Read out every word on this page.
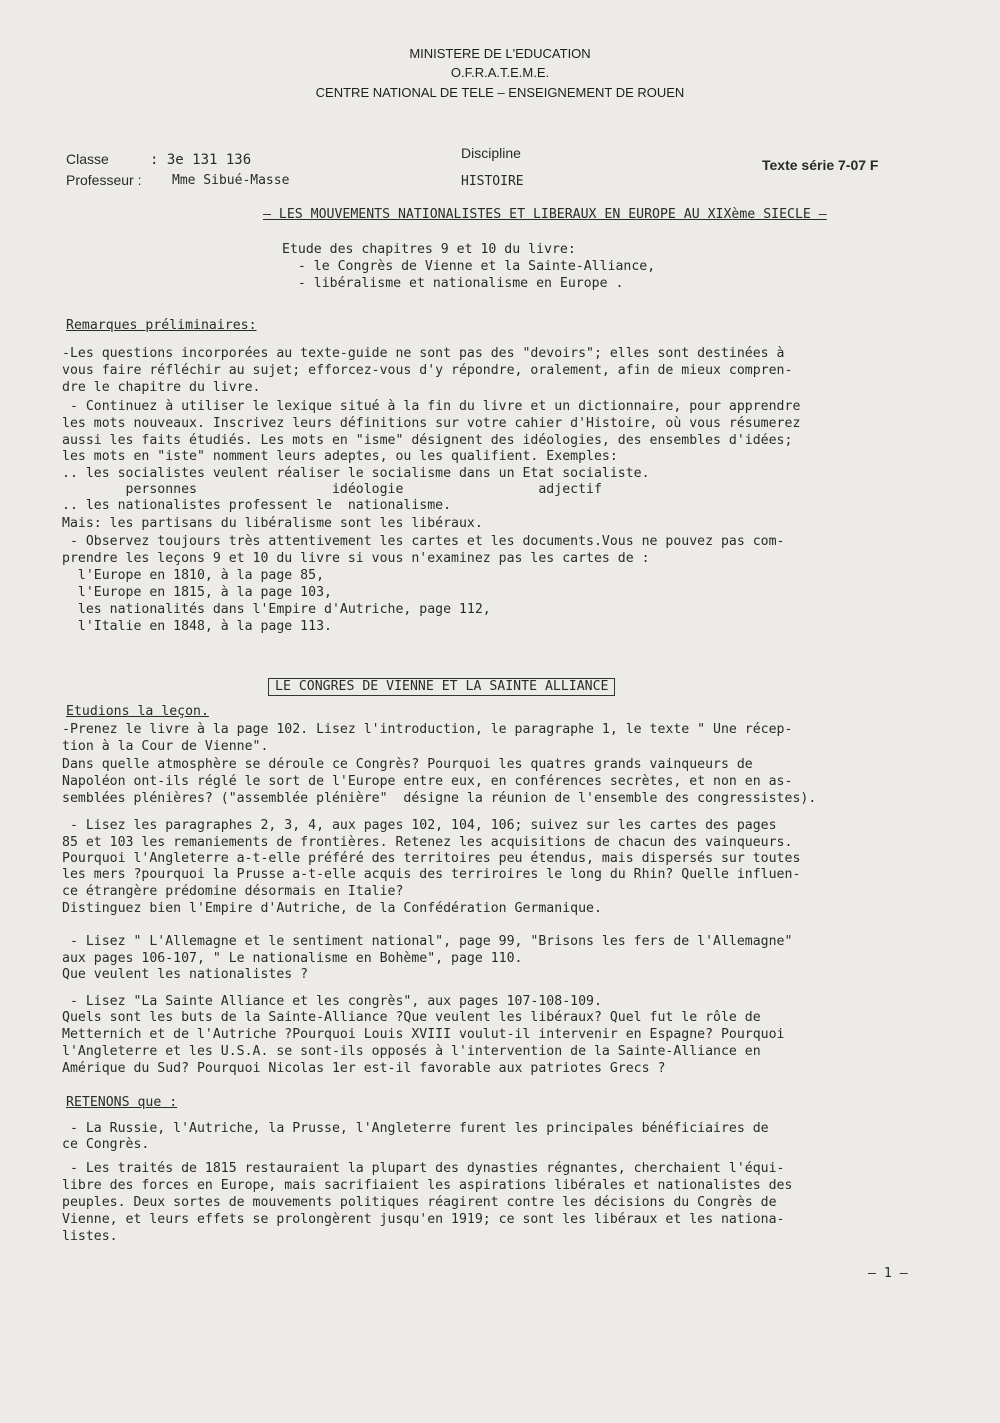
MINISTERE DE L'EDUCATION
O.F.R.A.T.E.M.E.
CENTRE NATIONAL DE TELE – ENSEIGNEMENT DE ROUEN
Classe	: 3e 131 136
Professeur : Mme Sibué-Masse
Discipline
HISTOIRE
Texte série 7-07 F
– LES MOUVEMENTS NATIONALISTES ET LIBERAUX EN EUROPE AU XIXème SIECLE –
Etude des chapitres 9 et 10 du livre:
- le Congrès de Vienne et la Sainte-Alliance,
- libéralisme et nationalisme en Europe .
Remarques préliminaires:
-Les questions incorporées au texte-guide ne sont pas des "devoirs"; elles sont destinées à
vous faire réfléchir au sujet; efforcez-vous d'y répondre, oralement, afin de mieux compren-
dre le chapitre du livre.
- Continuez à utiliser le lexique situé à la fin du livre et un dictionnaire, pour apprendre
les mots nouveaux. Inscrivez leurs définitions sur votre cahier d'Histoire, où vous résumerez
aussi les faits étudiés. Les mots en "isme" désignent des idéologies, des ensembles d'idées;
les mots en "iste" nomment leurs adeptes, ou les qualifient. Exemples:
.. les socialistes veulent réaliser le socialisme dans un Etat socialiste.
personnes                 idéologie                 adjectif
.. les nationalistes professent le  nationalisme.
Mais: les partisans du libéralisme sont les libéraux.
- Observez toujours très attentivement les cartes et les documents.Vous ne pouvez pas com-
prendre les leçons 9 et 10 du livre si vous n'examinez pas les cartes de :
l'Europe en 1810, à la page 85,
l'Europe en 1815, à la page 103,
les nationalités dans l'Empire d'Autriche, page 112,
l'Italie en 1848, à la page 113.
LE CONGRES DE VIENNE ET LA SAINTE ALLIANCE
Etudions la leçon.
-Prenez le livre à la page 102. Lisez l'introduction, le paragraphe 1, le texte " Une récep-
tion à la Cour de Vienne".
Dans quelle atmosphère se déroule ce Congrès? Pourquoi les quatres grands vainqueurs de
Napoléon ont-ils réglé le sort de l'Europe entre eux, en conférences secrètes, et non en as-
semblées plénières? ("assemblée plénière"  désigne la réunion de l'ensemble des congressistes).
- Lisez les paragraphes 2, 3, 4, aux pages 102, 104, 106; suivez sur les cartes des pages
85 et 103 les remaniements de frontières. Retenez les acquisitions de chacun des vainqueurs.
Pourquoi l'Angleterre a-t-elle préféré des territoires peu étendus, mais dispersés sur toutes
les mers ?pourquoi la Prusse a-t-elle acquis des terriroires le long du Rhin? Quelle influen-
ce étrangère prédomine désormais en Italie?
Distinguez bien l'Empire d'Autriche, de la Confédération Germanique.
- Lisez " L'Allemagne et le sentiment national", page 99, "Brisons les fers de l'Allemagne"
aux pages 106-107, " Le nationalisme en Bohème", page 110.
Que veulent les nationalistes ?
- Lisez "La Sainte Alliance et les congrès", aux pages 107-108-109.
Quels sont les buts de la Sainte-Alliance ?Que veulent les libéraux? Quel fut le rôle de
Metternich et de l'Autriche ?Pourquoi Louis XVIII voulut-il intervenir en Espagne? Pourquoi
l'Angleterre et les U.S.A. se sont-ils opposés à l'intervention de la Sainte-Alliance en
Amérique du Sud? Pourquoi Nicolas 1er est-il favorable aux patriotes Grecs ?
RETENONS que :
- La Russie, l'Autriche, la Prusse, l'Angleterre furent les principales bénéficiaires de
ce Congrès.
- Les traités de 1815 restauraient la plupart des dynasties régnantes, cherchaient l'équi-
libre des forces en Europe, mais sacrifiaient les aspirations libérales et nationalistes des
peuples. Deux sortes de mouvements politiques réagirent contre les décisions du Congrès de
Vienne, et leurs effets se prolongèrent jusqu'en 1919; ce sont les libéraux et les nationa-
listes.
– 1 –
